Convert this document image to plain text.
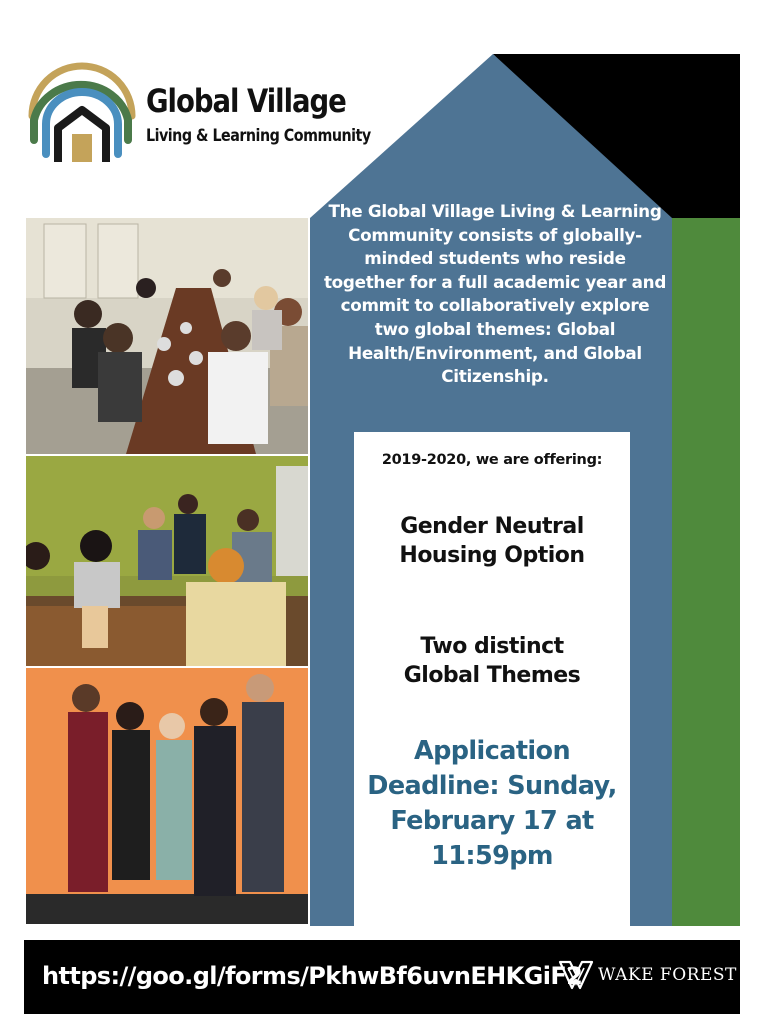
Global Village
Living & Learning Community
The Global Village Living & Learning Community consists of globally-minded students who reside together for a full academic year and commit to collaboratively explore two global themes: Global Health/Environment, and Global Citizenship.
2019-2020, we are offering:
Gender Neutral
Housing Option
Two distinct
Global Themes
Application
Deadline: Sunday,
February 17 at
11:59pm
https://goo.gl/forms/PkhwBf6uvnEHKGiF2 WAKE FOREST
